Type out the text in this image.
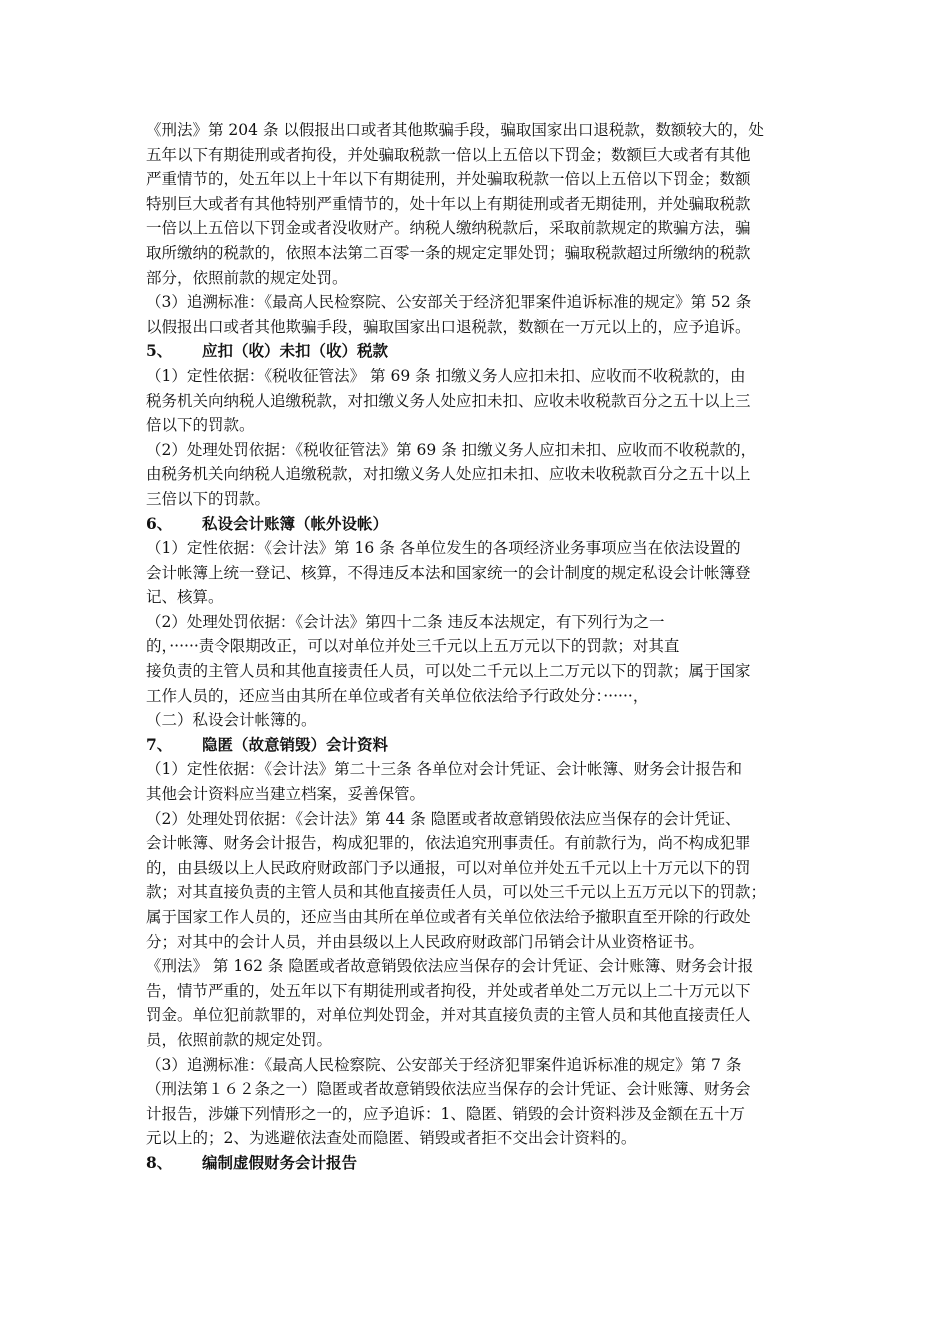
《刑法》第 204 条 以假报出口或者其他欺骗手段，骗取国家出口退税款，数额较大的，处
五年以下有期徒刑或者拘役，并处骗取税款一倍以上五倍以下罚金；数额巨大或者有其他
严重情节的，处五年以上十年以下有期徒刑，并处骗取税款一倍以上五倍以下罚金；数额
特别巨大或者有其他特别严重情节的，处十年以上有期徒刑或者无期徒刑，并处骗取税款
一倍以上五倍以下罚金或者没收财产。纳税人缴纳税款后，采取前款规定的欺骗方法，骗
取所缴纳的税款的，依照本法第二百零一条的规定定罪处罚；骗取税款超过所缴纳的税款
部分，依照前款的规定处罚。
（3）追溯标准：《最高人民检察院、公安部关于经济犯罪案件追诉标准的规定》第 52 条
以假报出口或者其他欺骗手段，骗取国家出口退税款，数额在一万元以上的，应予追诉。
5、 应扣（收）未扣（收）税款
（1）定性依据：《税收征管法》 第 69 条 扣缴义务人应扣未扣、应收而不收税款的，由
税务机关向纳税人追缴税款，对扣缴义务人处应扣未扣、应收未收税款百分之五十以上三
倍以下的罚款。
（2）处理处罚依据：《税收征管法》第 69 条 扣缴义务人应扣未扣、应收而不收税款的，
由税务机关向纳税人追缴税款，对扣缴义务人处应扣未扣、应收未收税款百分之五十以上
三倍以下的罚款。
6、 私设会计账簿（帐外设帐）
（1）定性依据：《会计法》第 16 条 各单位发生的各项经济业务事项应当在依法设置的
会计帐簿上统一登记、核算，不得违反本法和国家统一的会计制度的规定私设会计帐簿登
记、核算。
（2）处理处罚依据：《会计法》第四十二条 违反本法规定，有下列行为之一
的，······责令限期改正，可以对单位并处三千元以上五万元以下的罚款；对其直
接负责的主管人员和其他直接责任人员，可以处二千元以上二万元以下的罚款；属于国家
工作人员的，还应当由其所在单位或者有关单位依法给予行政处分：······，
（二）私设会计帐簿的。
7、 隐匿（故意销毁）会计资料
（1）定性依据：《会计法》第二十三条 各单位对会计凭证、会计帐簿、财务会计报告和
其他会计资料应当建立档案，妥善保管。
（2）处理处罚依据：《会计法》第 44 条 隐匿或者故意销毁依法应当保存的会计凭证、
会计帐簿、财务会计报告，构成犯罪的，依法追究刑事责任。有前款行为，尚不构成犯罪
的，由县级以上人民政府财政部门予以通报，可以对单位并处五千元以上十万元以下的罚
款；对其直接负责的主管人员和其他直接责任人员，可以处三千元以上五万元以下的罚款；
属于国家工作人员的，还应当由其所在单位或者有关单位依法给予撤职直至开除的行政处
分；对其中的会计人员，并由县级以上人民政府财政部门吊销会计从业资格证书。
《刑法》 第 162 条 隐匿或者故意销毁依法应当保存的会计凭证、会计账簿、财务会计报
告，情节严重的，处五年以下有期徒刑或者拘役，并处或者单处二万元以上二十万元以下
罚金。单位犯前款罪的，对单位判处罚金，并对其直接负责的主管人员和其他直接责任人
员，依照前款的规定处罚。
（3）追溯标准：《最高人民检察院、公安部关于经济犯罪案件追诉标准的规定》第 7 条
（刑法第１６２条之一）隐匿或者故意销毁依法应当保存的会计凭证、会计账簿、财务会
计报告，涉嫌下列情形之一的，应予追诉：1、隐匿、销毁的会计资料涉及金额在五十万
元以上的；2、为逃避依法查处而隐匿、销毁或者拒不交出会计资料的。
8、 编制虚假财务会计报告
